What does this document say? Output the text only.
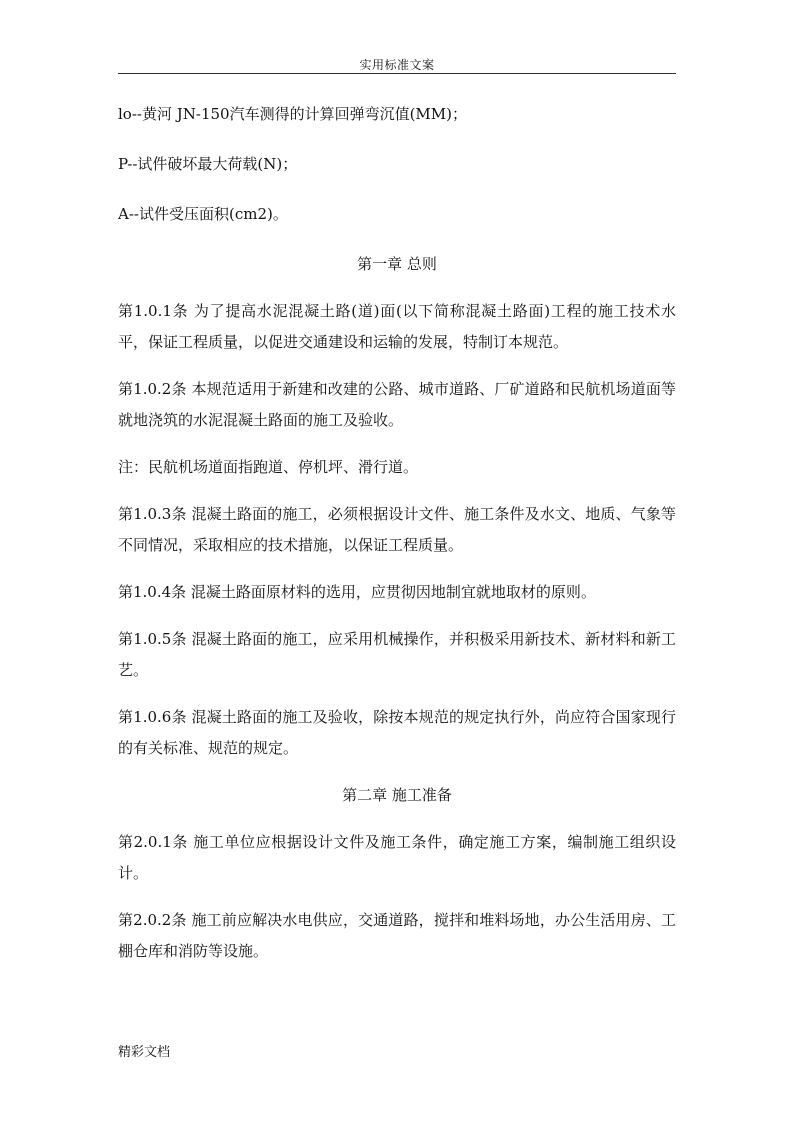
实用标准文案

lo--黄河 JN-150汽车测得的计算回弹弯沉值(MM)；

P--试件破坏最大荷载(N)；

A--试件受压面积(cm2)。

第一章 总则

第1.0.1条 为了提高水泥混凝土路(道)面(以下简称混凝土路面)工程的施工技术水平，保证工程质量，以促进交通建设和运输的发展，特制订本规范。

第1.0.2条 本规范适用于新建和改建的公路、城市道路、厂矿道路和民航机场道面等就地浇筑的水泥混凝土路面的施工及验收。

注：民航机场道面指跑道、停机坪、滑行道。

第1.0.3条 混凝土路面的施工，必须根据设计文件、施工条件及水文、地质、气象等不同情况，采取相应的技术措施，以保证工程质量。

第1.0.4条 混凝土路面原材料的选用，应贯彻因地制宜就地取材的原则。

第1.0.5条 混凝土路面的施工，应采用机械操作，并积极采用新技术、新材料和新工艺。

第1.0.6条 混凝土路面的施工及验收，除按本规范的规定执行外，尚应符合国家现行的有关标准、规范的规定。

第二章 施工准备

第2.0.1条 施工单位应根据设计文件及施工条件，确定施工方案，编制施工组织设计。

第2.0.2条 施工前应解决水电供应，交通道路，搅拌和堆料场地，办公生活用房、工棚仓库和消防等设施。

精彩文档
